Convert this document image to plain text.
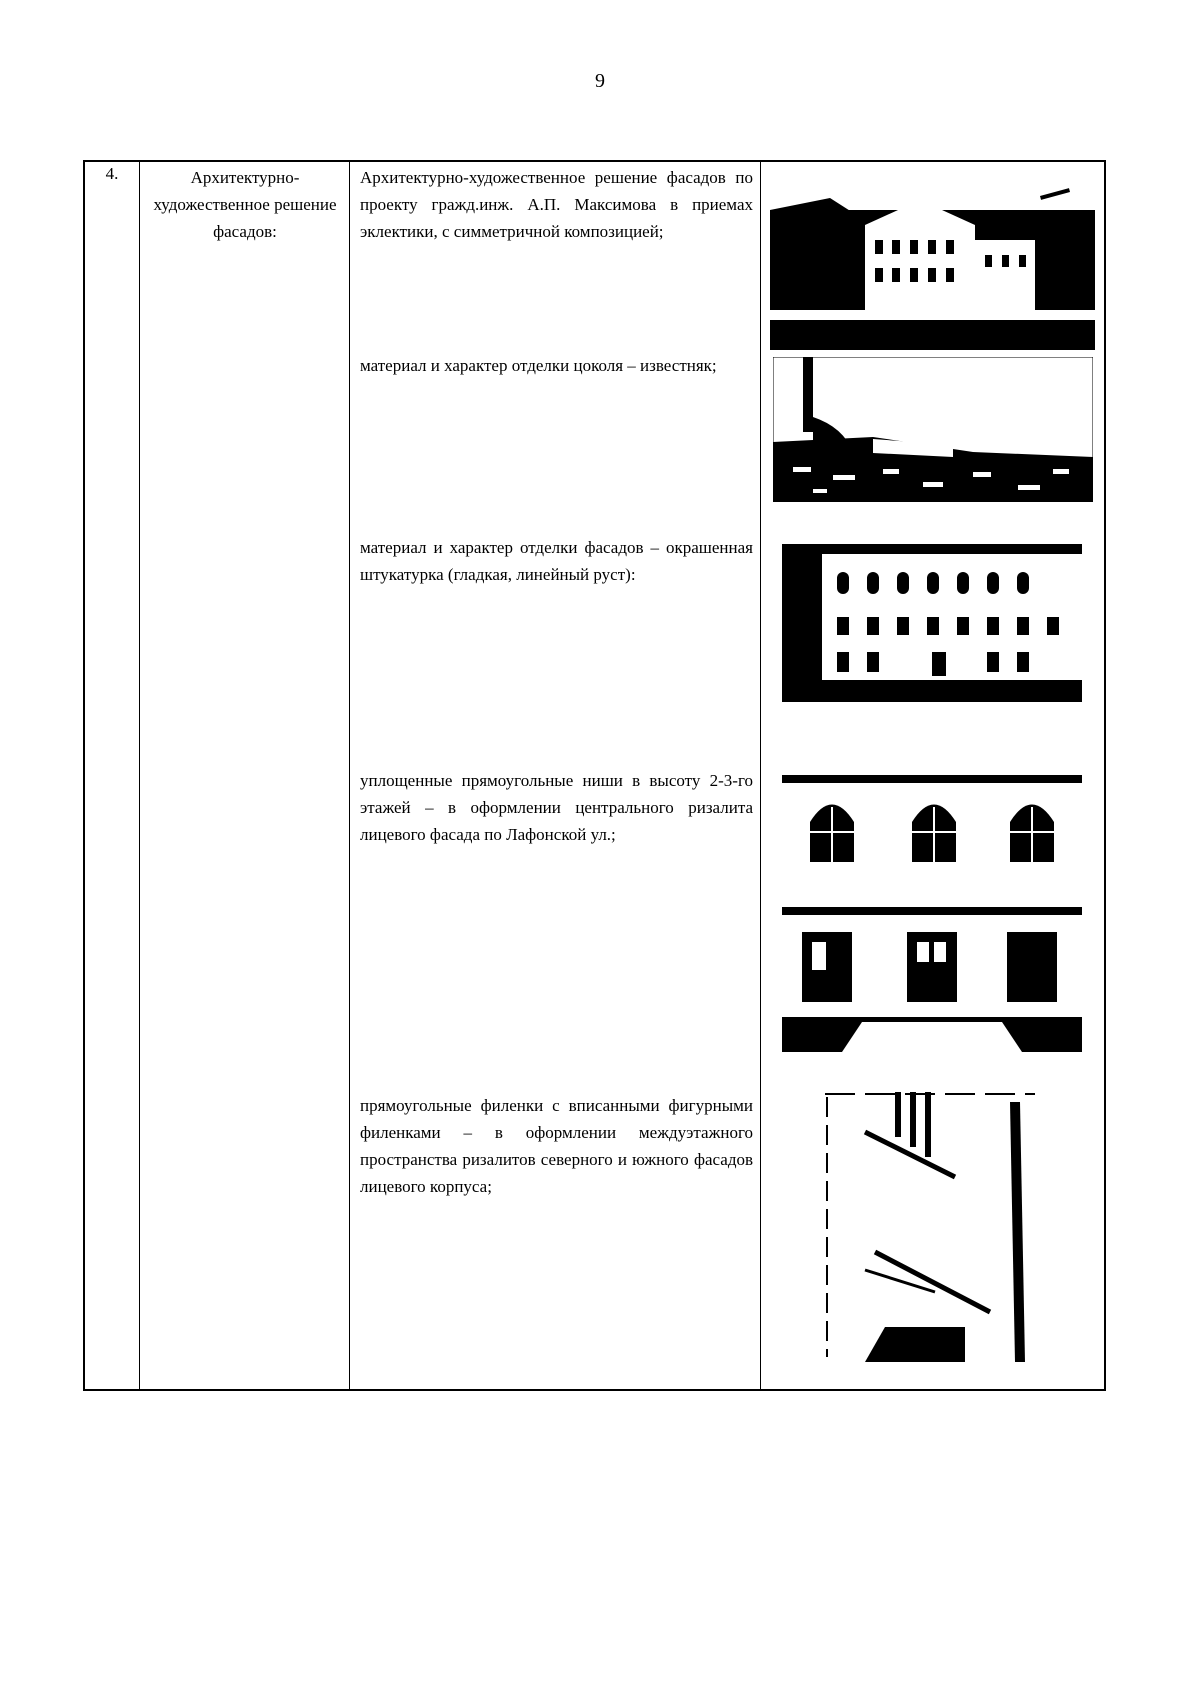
9
4.	Архитектурно-художественное решение фасадов:
Архитектурно-художественное решение фасадов по проекту гражд.инж. А.П. Максимова в приемах эклектики, с симметричной композицией;
материал и характер отделки цоколя – известняк;
материал и характер отделки фасадов – окрашенная штукатурка (гладкая, линейный руст):
уплощенные прямоугольные ниши в высоту 2-3-го этажей – в оформлении центрального ризалита лицевого фасада по Лафонской ул.;
прямоугольные филенки с вписанными фигурными филенками – в оформлении междуэтажного пространства ризалитов северного и южного фасадов лицевого корпуса;
